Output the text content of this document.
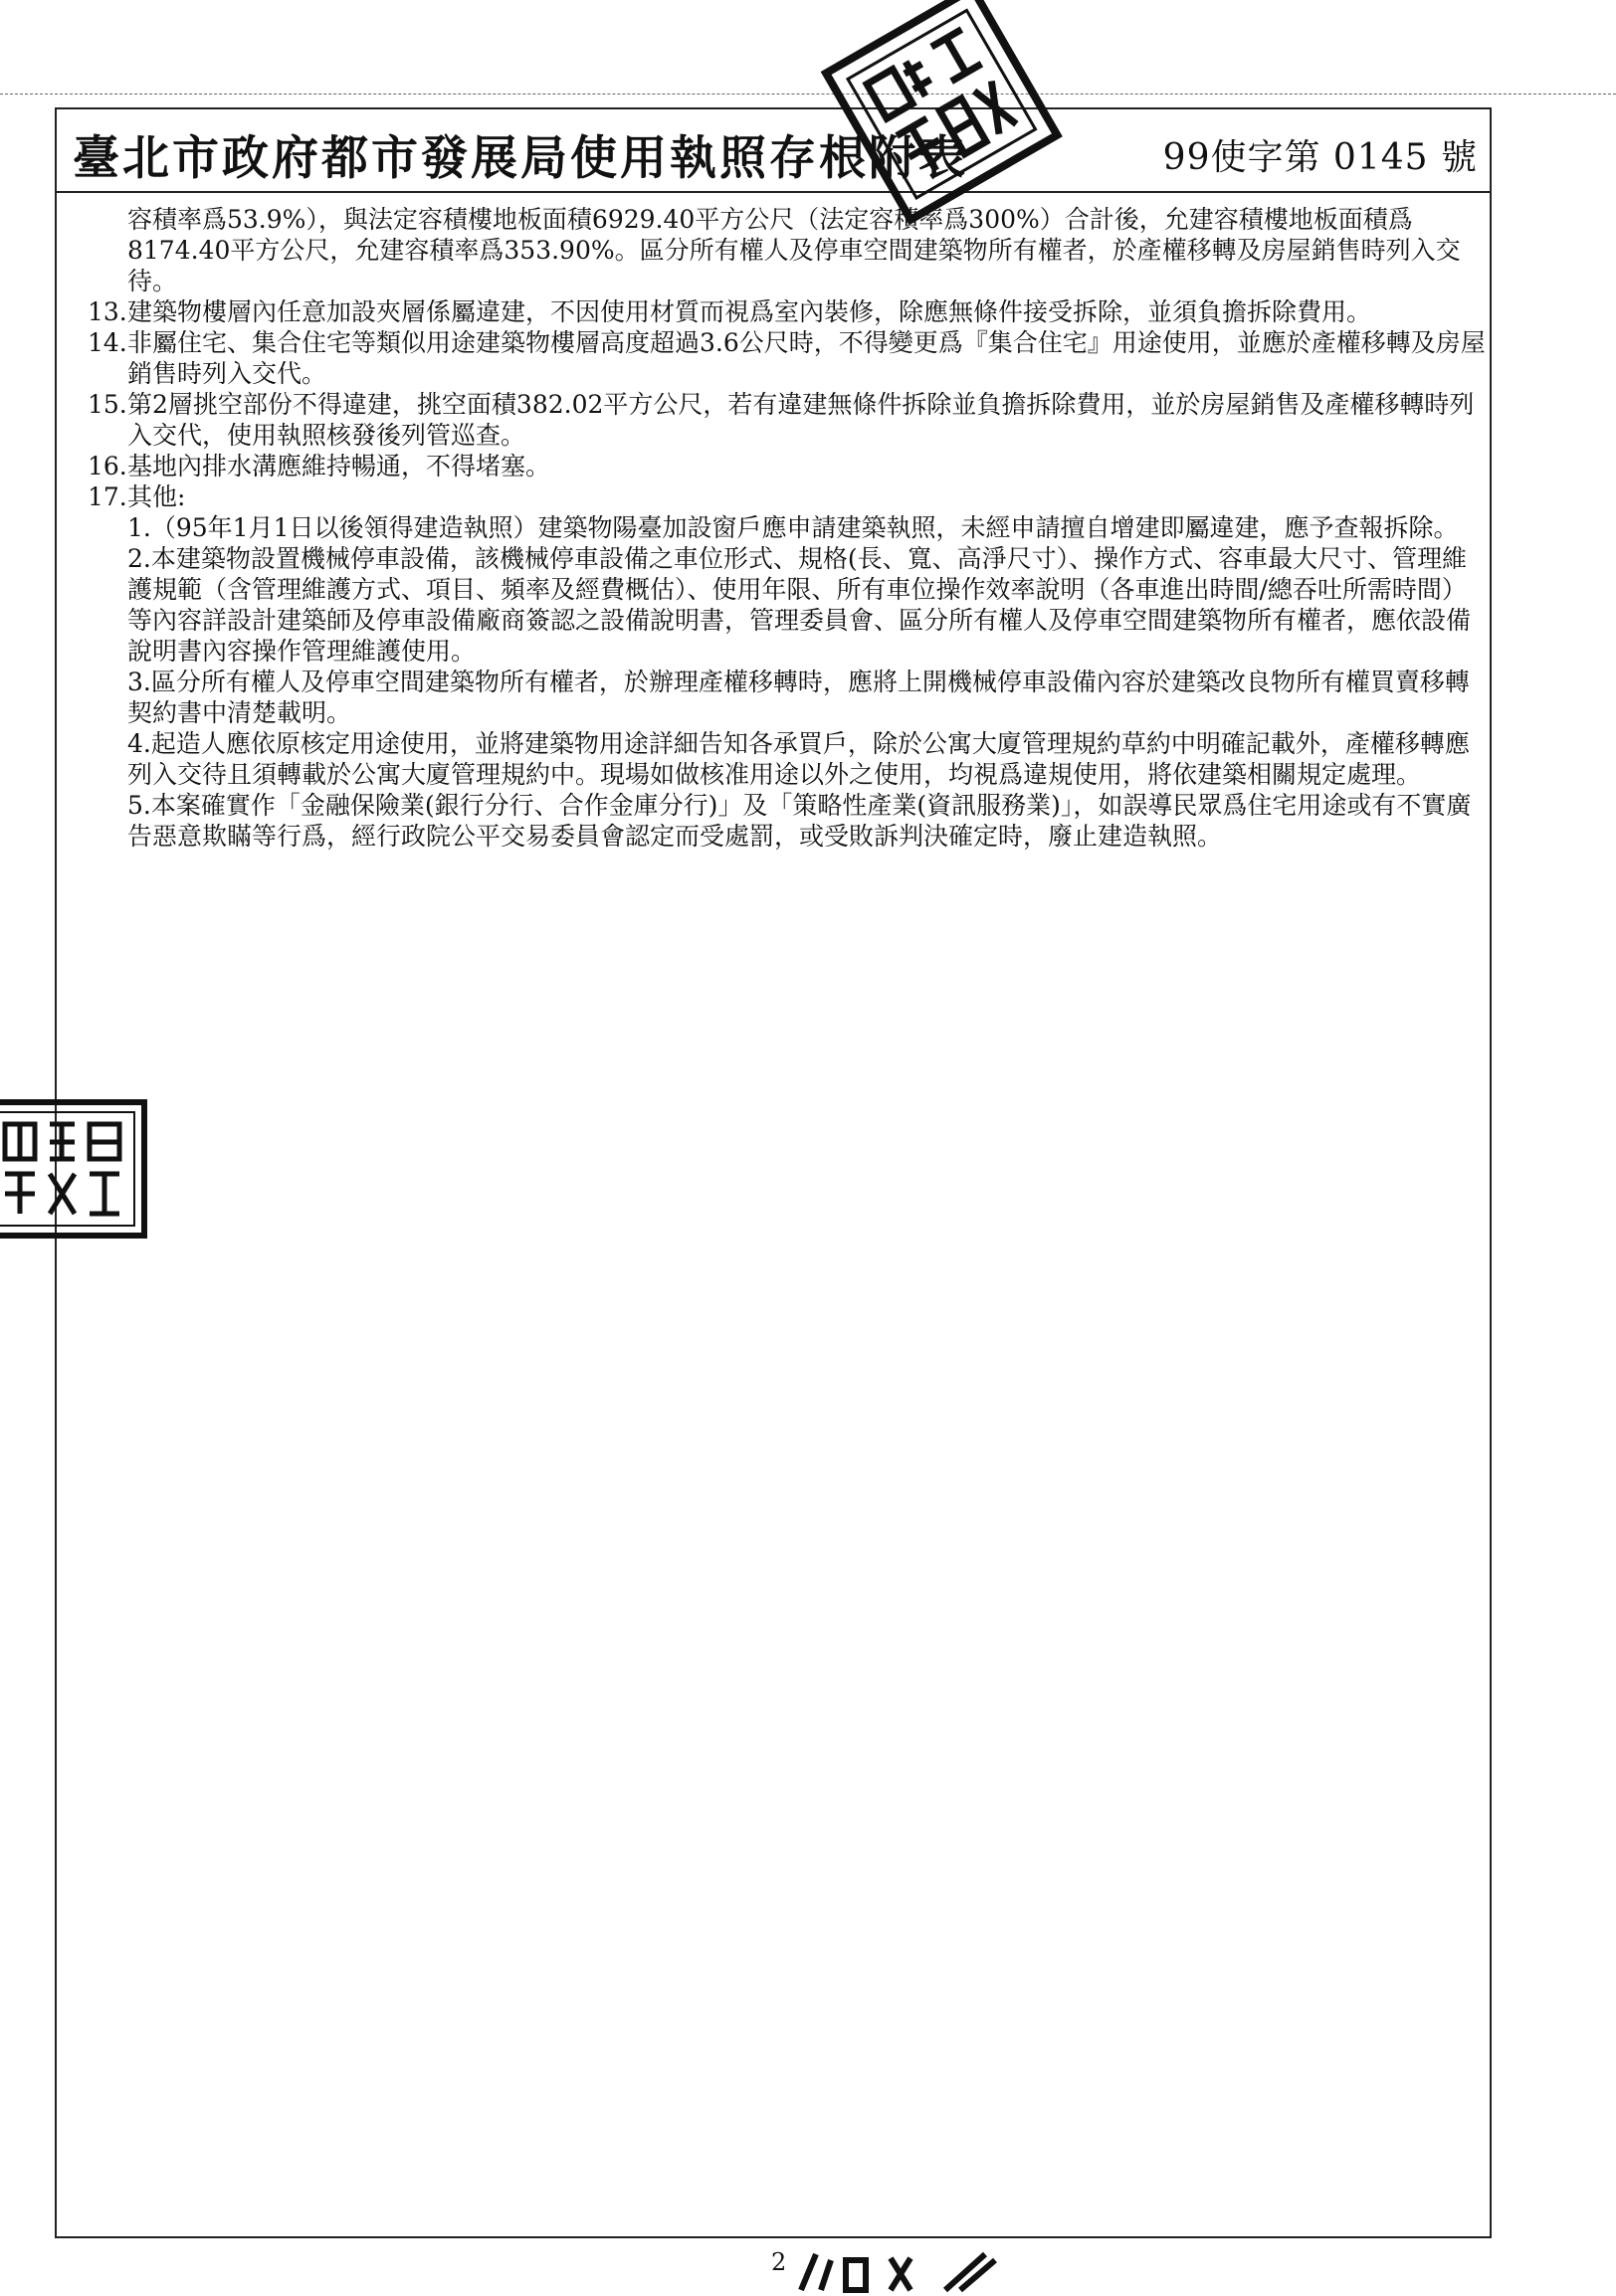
臺北市政府都市發展局使用執照存根附表	99使字第 0145 號

容積率爲53.9%），與法定容積樓地板面積6929.40平方公尺（法定容積率爲300%）合計後，允建容積樓地板面積爲8174.40平方公尺，允建容積率爲353.90%。區分所有權人及停車空間建築物所有權者，於產權移轉及房屋銷售時列入交待。

13. 建築物樓層內任意加設夾層係屬違建，不因使用材質而視爲室內裝修，除應無條件接受拆除，並須負擔拆除費用。
14. 非屬住宅、集合住宅等類似用途建築物樓層高度超過3.6公尺時，不得變更爲『集合住宅』用途使用，並應於產權移轉及房屋銷售時列入交代。
15. 第2層挑空部份不得違建，挑空面積382.02平方公尺，若有違建無條件拆除並負擔拆除費用，並於房屋銷售及產權移轉時列入交代，使用執照核發後列管巡查。
16. 基地內排水溝應維持暢通，不得堵塞。
17. 其他:

1.（95年1月1日以後領得建造執照）建築物陽臺加設窗戶應申請建築執照，未經申請擅自增建即屬違建，應予查報拆除。

2.本建築物設置機械停車設備，該機械停車設備之車位形式、規格(長、寬、高淨尺寸）、操作方式、容車最大尺寸、管理維護規範（含管理維護方式、項目、頻率及經費概估）、使用年限、所有車位操作效率說明（各車進出時間/總吞吐所需時間）等內容詳設計建築師及停車設備廠商簽認之設備說明書，管理委員會、區分所有權人及停車空間建築物所有權者，應依設備說明書內容操作管理維護使用。

3.區分所有權人及停車空間建築物所有權者，於辦理產權移轉時，應將上開機械停車設備內容於建築改良物所有權買賣移轉契約書中清楚載明。

4.起造人應依原核定用途使用，並將建築物用途詳細告知各承買戶，除於公寓大廈管理規約草約中明確記載外，產權移轉應列入交待且須轉載於公寓大廈管理規約中。現場如做核准用途以外之使用，均視爲違規使用，將依建築相關規定處理。

5.本案確實作「金融保險業(銀行分行、合作金庫分行)」及「策略性產業(資訊服務業)」，如誤導民眾爲住宅用途或有不實廣告惡意欺瞞等行爲，經行政院公平交易委員會認定而受處罰，或受敗訴判決確定時，廢止建造執照。

2
